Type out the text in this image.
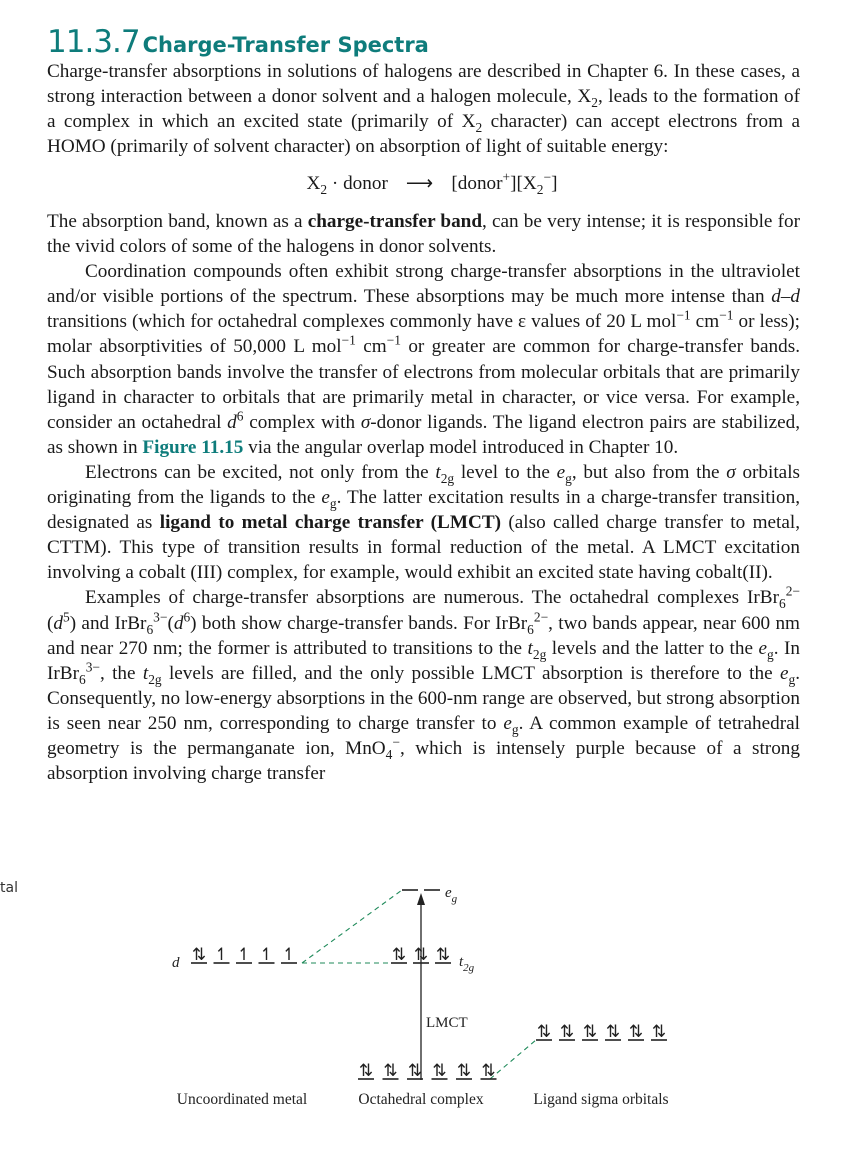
11.3.7 Charge-Transfer Spectra

Charge-transfer absorptions in solutions of halogens are described in Chapter 6. In these cases, a strong interaction between a donor solvent and a halogen molecule, $X_2$, leads to the formation of a complex in which an excited state (primarily of $X_2$ character) can accept electrons from a HOMO (primarily of solvent character) on absorption of light of suitable energy:

$X_2$ · donor ⟶ $[donor^+][X_2^-]$

The absorption band, known as a charge-transfer band, can be very intense; it is responsible for the vivid colors of some of the halogens in donor solvents.

Coordination compounds often exhibit strong charge-transfer absorptions in the ultraviolet and/or visible portions of the spectrum. These absorptions may be much more intense than d–d transitions (which for octahedral complexes commonly have ε values of 20 L mol$^{-1}$ $cm^{-1}$ or less); molar absorptivities of 50,000 L mol$^{-1}$ $cm^{-1}$ or greater are common for charge-transfer bands. Such absorption bands involve the transfer of electrons from molecular orbitals that are primarily ligand in character to orbitals that are primarily metal in character, or vice versa. For example, consider an octahedral $d^6$ complex with σ-donor ligands. The ligand electron pairs are stabilized, as shown in Figure 11.15 via the angular overlap model introduced in Chapter 10.

Electrons can be excited, not only from the $t_{2g}$ level to the $e_g$, but also from the σ orbitals originating from the ligands to the $e_g$. The latter excitation results in a charge-transfer transition, designated as ligand to metal charge transfer (LMCT) (also called charge transfer to metal, CTTM). This type of transition results in formal reduction of the metal. A LMCT excitation involving a cobalt (III) complex, for example, would exhibit an excited state having cobalt(II).

Examples of charge-transfer absorptions are numerous. The octahedral complexes $IrBr_6^{2-}(d^5)$ and $IrBr_6^{3-}(d^6)$ both show charge-transfer bands. For IrBr$_6^{2-}$, two bands appear, near 600 nm and near 270 nm; the former is attributed to transitions to the $t_{2g}$ levels and the latter to the $e_g$. In IrBr$_6^{3-}$, the $t_{2g}$ levels are filled, and the only possible LMCT absorption is therefore to the $e_g$. Consequently, no low-energy absorptions in the 600-nm range are observed, but strong absorption is seen near 250 nm, corresponding to charge transfer to $e_g$. A common example of tetrahedral geometry is the permanganate ion, MnO$_4$−, which is intensely purple because of a strong absorption involving charge transfer

tal
⇅ ↿ ↿ ↿ ↿	⇅ ⇅ ⇅
⇅ ⇅ ⇅ ⇅ ⇅ ⇅
⇅ ⇅ ⇅ ⇅ ⇅ ⇅
LMCT
d
$e_g$
$t_{2g}$
Uncoordinated metal	Octahedral complex	Ligand sigma orbitals
